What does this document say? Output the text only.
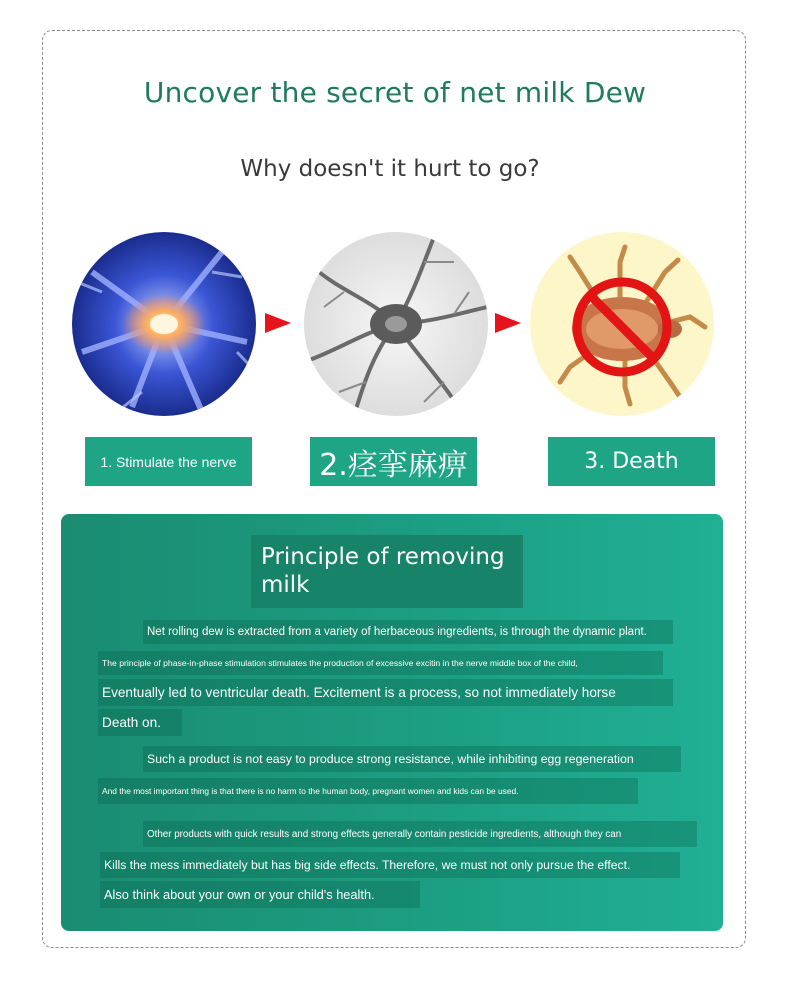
Uncover the secret of net milk Dew
Why doesn't it hurt to go?
1. Stimulate the nerve	2.痉挛麻痹	3. Death
Principle of removing milk
Net rolling dew is extracted from a variety of herbaceous ingredients, is through the dynamic plant.
The principle of phase-in-phase stimulation stimulates the production of excessive excitin in the nerve middle box of the child,
Eventually led to ventricular death. Excitement is a process, so not immediately horse
Death on.
Such a product is not easy to produce strong resistance, while inhibiting egg regeneration
And the most important thing is that there is no harm to the human body, pregnant women and kids can be used.
Other products with quick results and strong effects generally contain pesticide ingredients, although they can
Kills the mess immediately but has big side effects. Therefore, we must not only pursue the effect.
Also think about your own or your child's health.
